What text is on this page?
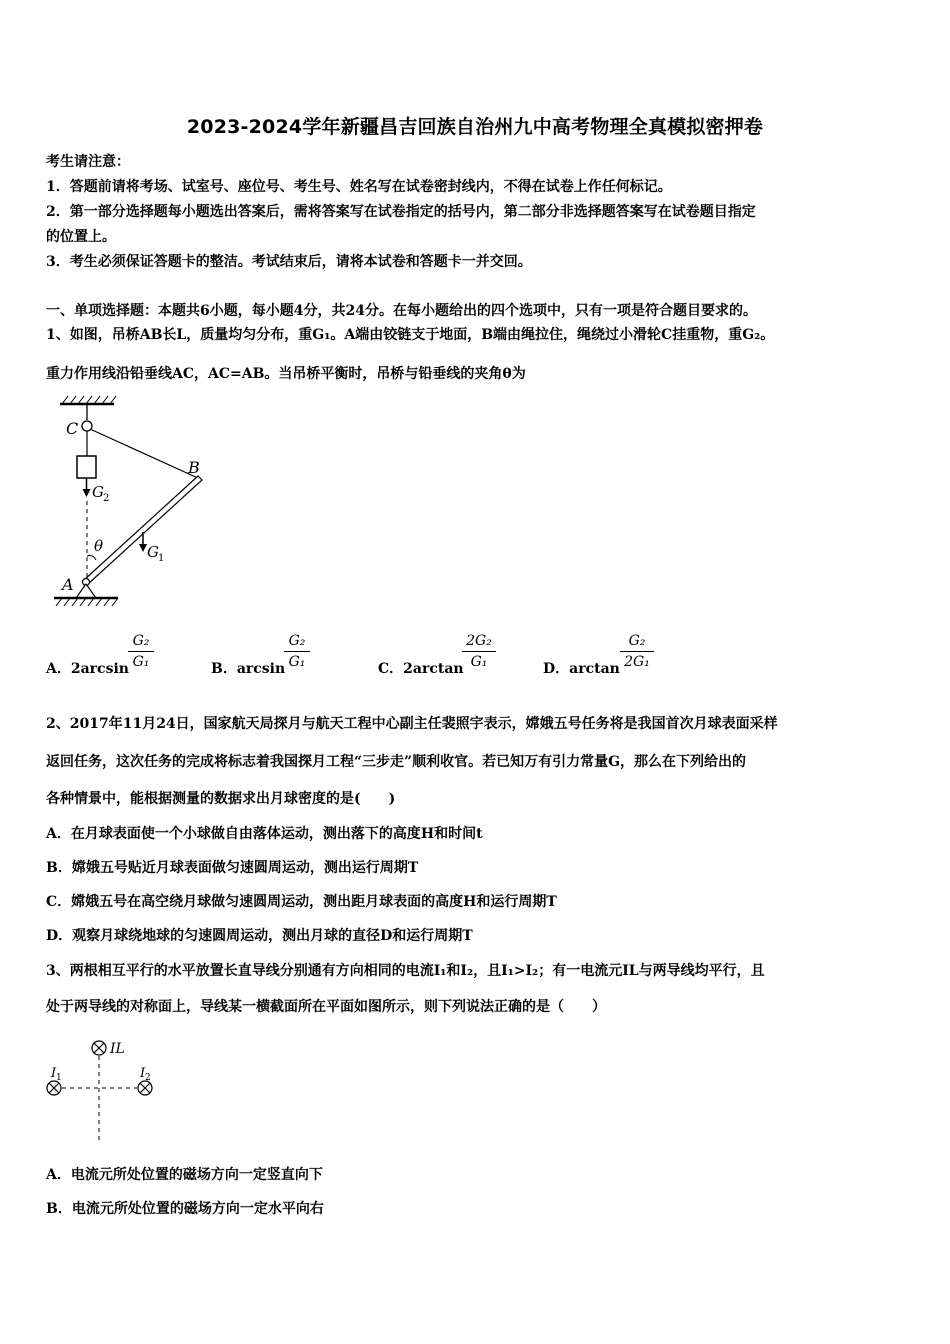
2023-2024学年新疆昌吉回族自治州九中高考物理全真模拟密押卷
考生请注意：
1．答题前请将考场、试室号、座位号、考生号、姓名写在试卷密封线内，不得在试卷上作任何标记。
2．第一部分选择题每小题选出答案后，需将答案写在试卷指定的括号内，第二部分非选择题答案写在试卷题目指定
的位置上。
3．考生必须保证答题卡的整洁。考试结束后，请将本试卷和答题卡一并交回。
一、单项选择题：本题共6小题，每小题4分，共24分。在每小题给出的四个选项中，只有一项是符合题目要求的。
1、如图，吊桥AB长L，质量均匀分布，重G₁。A端由铰链支于地面，B端由绳拉住，绳绕过小滑轮C挂重物，重G₂。
重力作用线沿铅垂线AC，AC=AB。当吊桥平衡时，吊桥与铅垂线的夹角θ为
C
G 2
B
θ	G 1
A
A．2arcsin
G₂
G₁	B．arcsin
G₂
G₁	C．2arctan
2G₂
G₁	D．arctan
G₂
2G₁
2、2017年11月24日，国家航天局探月与航天工程中心副主任裴照宇表示，嫦娥五号任务将是我国首次月球表面采样
返回任务，这次任务的完成将标志着我国探月工程“三步走”顺利收官。若已知万有引力常量G，那么在下列给出的
各种情景中，能根据测量的数据求出月球密度的是(　　)
A．在月球表面使一个小球做自由落体运动，测出落下的高度H和时间t
B．嫦娥五号贴近月球表面做匀速圆周运动，测出运行周期T
C．嫦娥五号在高空绕月球做匀速圆周运动，测出距月球表面的高度H和运行周期T
D．观察月球绕地球的匀速圆周运动，测出月球的直径D和运行周期T
3、两根相互平行的水平放置长直导线分别通有方向相同的电流I₁和I₂，且I₁>I₂；有一电流元IL与两导线均平行，且
处于两导线的对称面上，导线某一横截面所在平面如图所示，则下列说法正确的是（　　）
IL
I 1	I 2
A．电流元所处位置的磁场方向一定竖直向下
B．电流元所处位置的磁场方向一定水平向右
